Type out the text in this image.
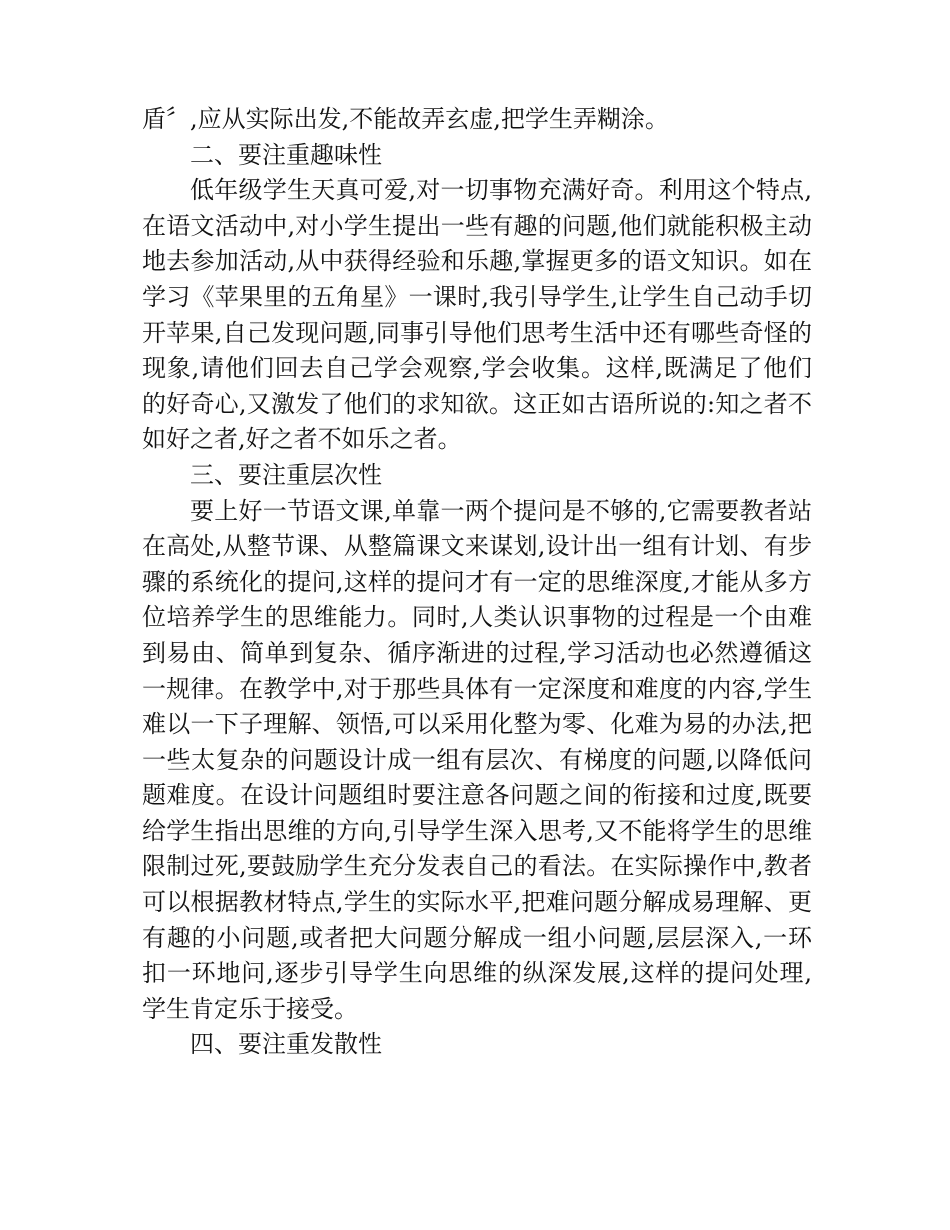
盾〞,应从实际出发,不能故弄玄虚,把学生弄糊涂。

二、要注重趣味性

低年级学生天真可爱,对一切事物充满好奇。利用这个特点,在语文活动中,对小学生提出一些有趣的问题,他们就能积极主动地去参加活动,从中获得经验和乐趣,掌握更多的语文知识。如在学习《苹果里的五角星》一课时,我引导学生,让学生自己动手切开苹果,自己发现问题,同事引导他们思考生活中还有哪些奇怪的现象,请他们回去自己学会观察,学会收集。这样,既满足了他们的好奇心,又激发了他们的求知欲。这正如古语所说的:知之者不如好之者,好之者不如乐之者。

三、要注重层次性

要上好一节语文课,单靠一两个提问是不够的,它需要教者站在高处,从整节课、从整篇课文来谋划,设计出一组有计划、有步骤的系统化的提问,这样的提问才有一定的思维深度,才能从多方位培养学生的思维能力。同时,人类认识事物的过程是一个由难到易由、简单到复杂、循序渐进的过程,学习活动也必然遵循这一规律。在教学中,对于那些具体有一定深度和难度的内容,学生难以一下子理解、领悟,可以采用化整为零、化难为易的办法,把一些太复杂的问题设计成一组有层次、有梯度的问题,以降低问题难度。在设计问题组时要注意各问题之间的衔接和过度,既要给学生指出思维的方向,引导学生深入思考,又不能将学生的思维限制过死,要鼓励学生充分发表自己的看法。在实际操作中,教者可以根据教材特点,学生的实际水平,把难问题分解成易理解、更有趣的小问题,或者把大问题分解成一组小问题,层层深入,一环扣一环地问,逐步引导学生向思维的纵深发展,这样的提问处理,学生肯定乐于接受。

四、要注重发散性
